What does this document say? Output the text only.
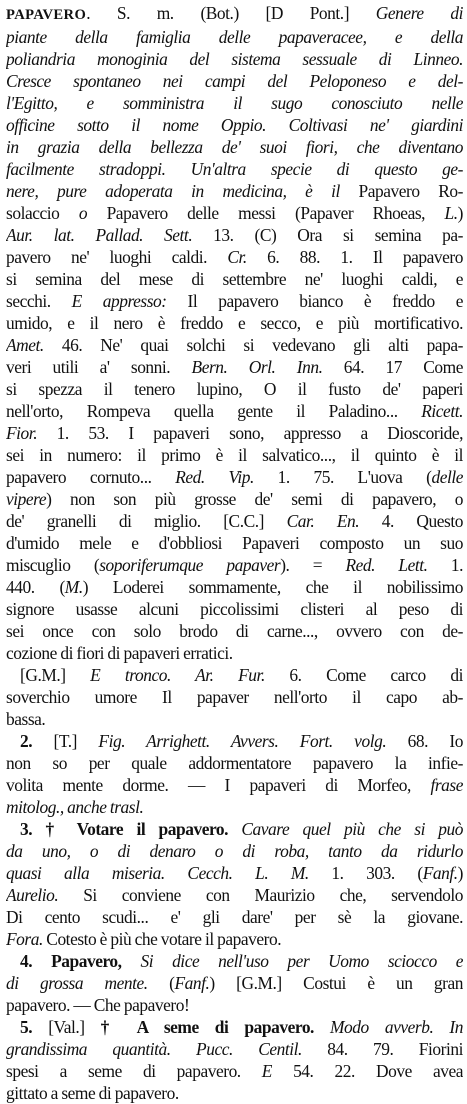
PAPAVERO. S. m. (Bot.) [D Pont.] Genere di
piante della famiglia delle papaveracee, e della
poliandria monoginia del sistema sessuale di Linneo.
Cresce spontaneo nei campi del Peloponeso e del-
l'Egitto, e somministra il sugo conosciuto nelle
officine sotto il nome Oppio. Coltivasi ne' giardini
in grazia della bellezza de' suoi fiori, che diventano
facilmente stradoppi. Un'altra specie di questo ge-
nere, pure adoperata in medicina, è il Papavero Ro-
solaccio o Papavero delle messi (Papaver Rhoeas, L.)
Aur. lat. Pallad. Sett. 13. (C) Ora si semina pa-
pavero ne' luoghi caldi. Cr. 6. 88. 1. Il papavero
si semina del mese di settembre ne' luoghi caldi, e
secchi. E appresso: Il papavero bianco è freddo e
umido, e il nero è freddo e secco, e più mortificativo.
Amet. 46. Ne' quai solchi si vedevano gli alti papa-
veri utili a' sonni. Bern. Orl. Inn. 64. 17 Come
si spezza il tenero lupino, O il fusto de' paperi
nell'orto, Rompeva quella gente il Paladino... Ricett.
Fior. 1. 53. I papaveri sono, appresso a Dioscoride,
sei in numero: il primo è il salvatico..., il quinto è il
papavero cornuto... Red. Vip. 1. 75. L'uova (delle
vipere) non son più grosse de' semi di papavero, o
de' granelli di miglio. [C.C.] Car. En. 4. Questo
d'umido mele e d'obbliosi Papaveri composto un suo
miscuglio (soporiferumque papaver). = Red. Lett. 1.
440. (M.) Loderei sommamente, che il nobilissimo
signore usasse alcuni piccolissimi clisteri al peso di
sei once con solo brodo di carne..., ovvero con de-
cozione di fiori di papaveri erratici.
[G.M.] E tronco. Ar. Fur. 6. Come carco di
soverchio umore Il papaver nell'orto il capo ab-
bassa.
2. [T.] Fig. Arrighett. Avvers. Fort. volg. 68. Io
non so per quale addormentatore papavero la infie-
volita mente dorme. — I papaveri di Morfeo, frase
mitolog., anche trasl.
3. † Votare il papavero. Cavare quel più che si può
da uno, o di denaro o di roba, tanto da ridurlo
quasi alla miseria. Cecch. L. M. 1. 303. (Fanf.)
Aurelio. Si conviene con Maurizio che, servendolo
Di cento scudi... e' gli dare' per sè la giovane.
Fora. Cotesto è più che votare il papavero.
4. Papavero, Si dice nell'uso per Uomo sciocco e
di grossa mente. (Fanf.) [G.M.] Costui è un gran
papavero. — Che papavero!
5. [Val.] † A seme di papavero. Modo avverb. In
grandissima quantità. Pucc. Centil. 84. 79. Fiorini
spesi a seme di papavero. E 54. 22. Dove avea
gittato a seme di papavero.
